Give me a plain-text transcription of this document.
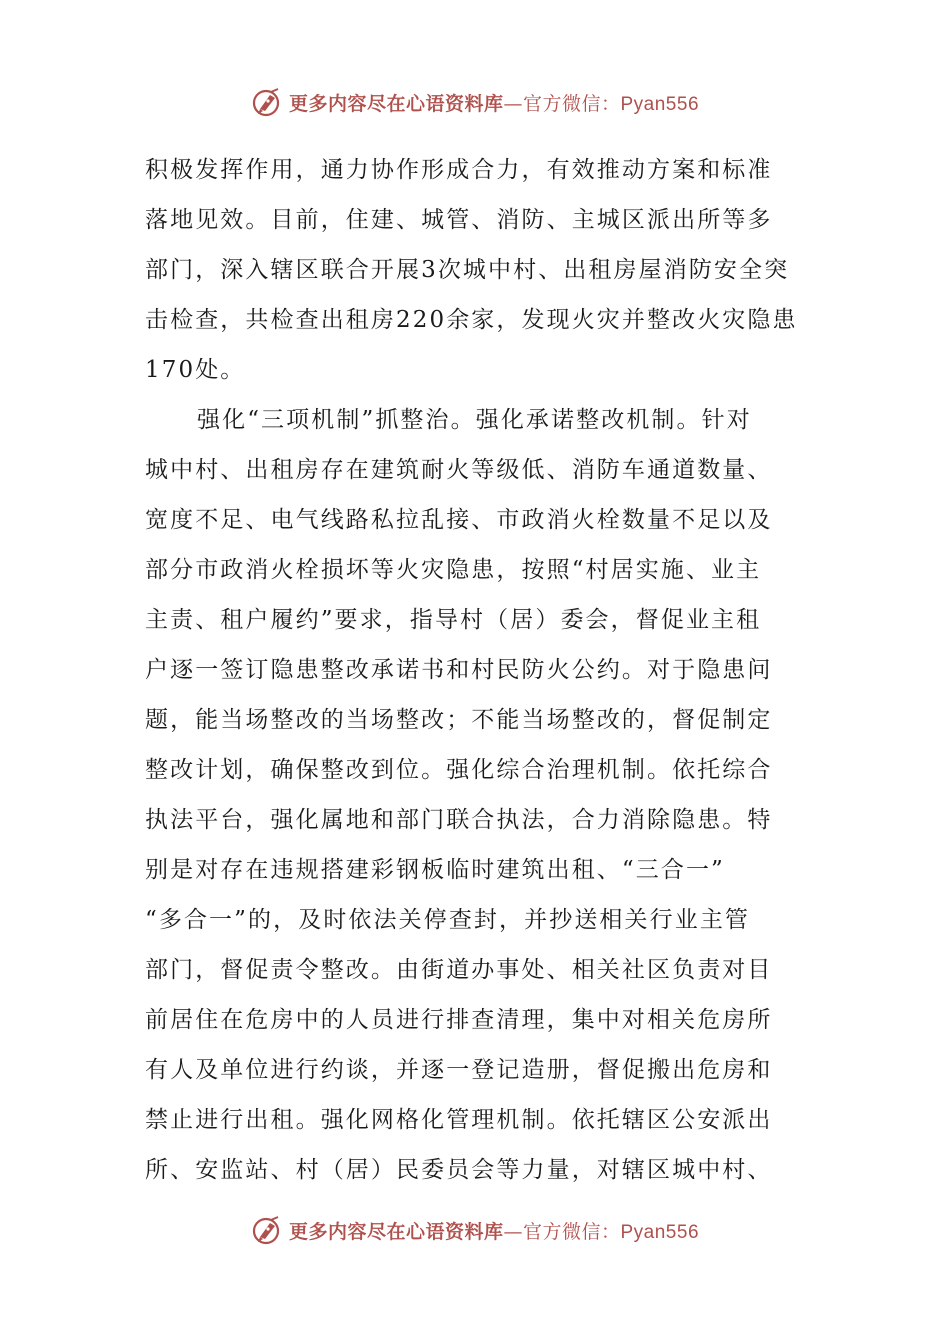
更多内容尽在心语资料库—官方微信：Pyan556
积极发挥作用，通力协作形成合力，有效推动方案和标准
落地见效。目前，住建、城管、消防、主城区派出所等多
部门，深入辖区联合开展3次城中村、出租房屋消防安全突
击检查，共检查出租房220余家，发现火灾并整改火灾隐患
170处。
强化“三项机制”抓整治。强化承诺整改机制。针对
城中村、出租房存在建筑耐火等级低、消防车通道数量、
宽度不足、电气线路私拉乱接、市政消火栓数量不足以及
部分市政消火栓损坏等火灾隐患，按照“村居实施、业主
主责、租户履约”要求，指导村（居）委会，督促业主租
户逐一签订隐患整改承诺书和村民防火公约。对于隐患问
题，能当场整改的当场整改；不能当场整改的，督促制定
整改计划，确保整改到位。强化综合治理机制。依托综合
执法平台，强化属地和部门联合执法，合力消除隐患。特
别是对存在违规搭建彩钢板临时建筑出租、“三合一”
“多合一”的，及时依法关停查封，并抄送相关行业主管
部门，督促责令整改。由街道办事处、相关社区负责对目
前居住在危房中的人员进行排查清理，集中对相关危房所
有人及单位进行约谈，并逐一登记造册，督促搬出危房和
禁止进行出租。强化网格化管理机制。依托辖区公安派出
所、安监站、村（居）民委员会等力量，对辖区城中村、
更多内容尽在心语资料库—官方微信：Pyan556
